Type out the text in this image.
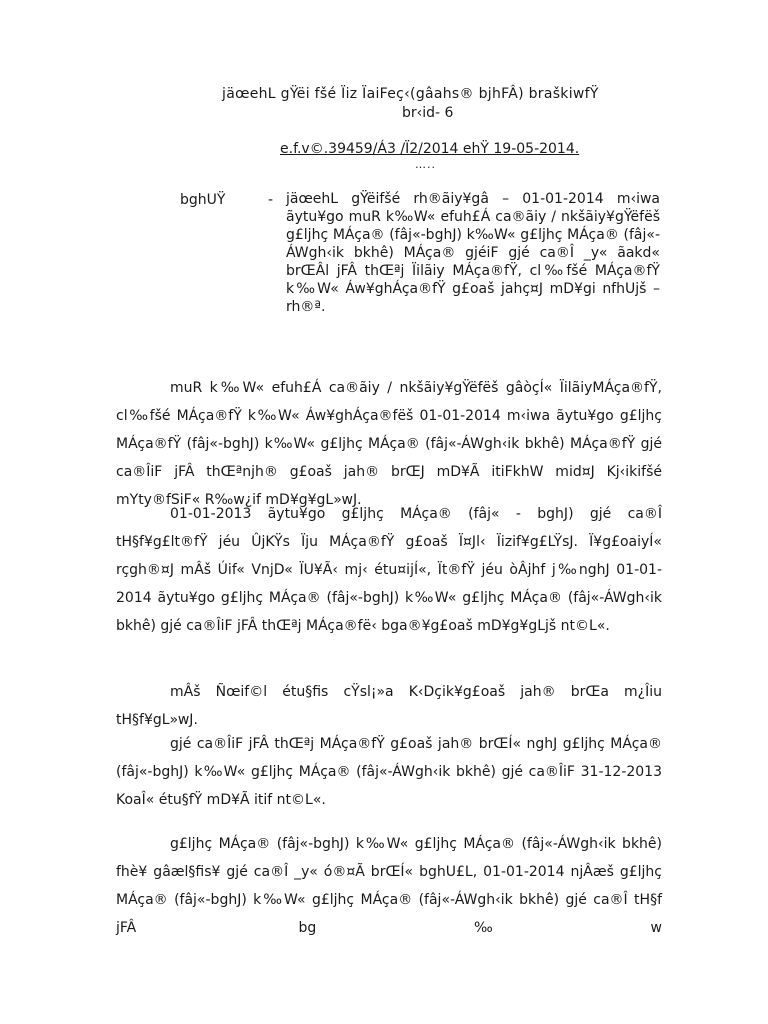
jäœehL gŸëi fšé Ïiz ÏaiFeç‹(gâahs® bjhFÂ) braškiwfŸ
br‹id- 6
e.f.v©.39459/Á3 /Ï2/2014 ehŸ 19-05-2014.
…..
bghUŸ	- jäœehL gŸëifšé rh®ãiy¥gâ – 01-01-2014 m‹iwa ãytu¥go muR k‰W« efuh£Á ca®ãiy / nkšãiy¥gŸëfëš g£ljhç MÁça® (fâj«-bghJ) k‰W« g£ljhç MÁça® (fâj«-ÁWgh‹ik bkhê) MÁça® gjéiF gjé ca®Î _y« ãakd« brŒÂl jFÂ thŒªj Ïilãiy MÁça®fŸ, cl‰fšé MÁça®fŸ k‰W« Áw¥ghÁça®fŸ g£oaš jahç¤J mD¥gi nfhUjš – rh®ª.
muR k‰W« efuh£Á ca®ãiy / nkšãiy¥gŸëfëš gâòçÍ« ÏilãiyMÁça®fŸ, cl‰fšé MÁça®fŸ k‰W« Áw¥ghÁça®fëš 01-01-2014 m‹iwa ãytu¥go g£ljhç MÁça®fŸ (fâj«-bghJ) k‰W« g£ljhç MÁça® (fâj«-ÁWgh‹ik bkhê) MÁça®fŸ gjé ca®ÎiF jFÂ thŒªnjh® g£oaš jah® brŒJ mD¥Ã itiFkhW mid¤J Kj‹ikifšé mYty®fSiF« R‰w¿if mD¥g¥gL»wJ.
01-01-2013 ãytu¥go g£ljhç MÁça® (fâj« - bghJ) gjé ca®Î tH§f¥g£lt®fŸ jéu ÛjKŸs Ïju MÁça®fŸ g£oaš Ï¤Jl‹ Ïizif¥g£LŸsJ. Ï¥g£oaiyÍ« rçgh®¤J mÂš Úif« VnjD« ÏU¥Ã‹ mj‹ étu¤ijÍ«, Ït®fŸ jéu òÂjhf j‰nghJ 01-01-2014 ãytu¥go g£ljhç MÁça® (fâj«-bghJ) k‰W« g£ljhç MÁça® (fâj«-ÁWgh‹ik bkhê) gjé ca®ÎiF jFÂ thŒªj MÁça®fë‹ bga®¥g£oaš mD¥g¥gLjš nt©L«.
mÂš Ñœif©l étu§fis cŸsl¡»a K‹Dçik¥g£oaš jah® brŒa m¿Îiu tH§f¥gL»wJ.
gjé ca®ÎiF jFÂ thŒªj MÁça®fŸ g£oaš jah® brŒÍ« nghJ g£ljhç MÁça® (fâj«-bghJ) k‰W« g£ljhç MÁça® (fâj«-ÁWgh‹ik bkhê) gjé ca®ÎiF 31-12-2013 KoaÎ« étu§fŸ mD¥Ã itif nt©L«.
g£ljhç MÁça® (fâj«-bghJ) k‰W« g£ljhç MÁça® (fâj«-ÁWgh‹ik bkhê) fhè¥ gâæl§fis¥ gjé ca®Î _y« ó®¤Ã brŒÍ« bghU£L, 01-01-2014 njÂæš g£ljhç MÁça® (fâj«-bghJ) k‰W« g£ljhç MÁça® (fâj«-ÁWgh‹ik bkhê) gjé ca®Î tH§f jFÂ bg‰w
